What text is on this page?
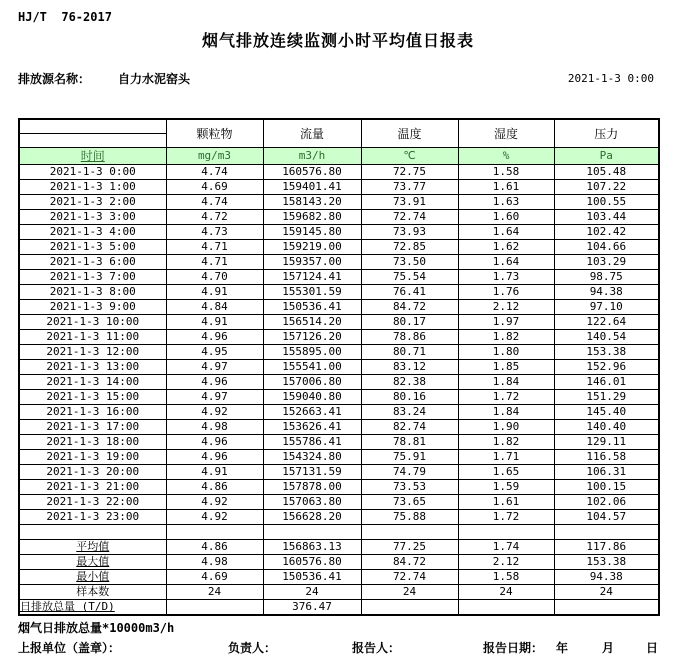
HJ/T  76-2017
烟气排放连续监测小时平均值日报表
排放源名称： 自力水泥窑头	2021-1-3 0:00
	颗粒物	流量	温度	湿度	压力

时间	mg/m3	m3/h	℃	%	Pa
2021-1-3 0:00	4.74	160576.80	72.75	1.58	105.48
2021-1-3 1:00	4.69	159401.41	73.77	1.61	107.22
2021-1-3 2:00	4.74	158143.20	73.91	1.63	100.55
2021-1-3 3:00	4.72	159682.80	72.74	1.60	103.44
2021-1-3 4:00	4.73	159145.80	73.93	1.64	102.42
2021-1-3 5:00	4.71	159219.00	72.85	1.62	104.66
2021-1-3 6:00	4.71	159357.00	73.50	1.64	103.29
2021-1-3 7:00	4.70	157124.41	75.54	1.73	98.75
2021-1-3 8:00	4.91	155301.59	76.41	1.76	94.38
2021-1-3 9:00	4.84	150536.41	84.72	2.12	97.10
2021-1-3 10:00	4.91	156514.20	80.17	1.97	122.64
2021-1-3 11:00	4.96	157126.20	78.86	1.82	140.54
2021-1-3 12:00	4.95	155895.00	80.71	1.80	153.38
2021-1-3 13:00	4.97	155541.00	83.12	1.85	152.96
2021-1-3 14:00	4.96	157006.80	82.38	1.84	146.01
2021-1-3 15:00	4.97	159040.80	80.16	1.72	151.29
2021-1-3 16:00	4.92	152663.41	83.24	1.84	145.40
2021-1-3 17:00	4.98	153626.41	82.74	1.90	140.40
2021-1-3 18:00	4.96	155786.41	78.81	1.82	129.11
2021-1-3 19:00	4.96	154324.80	75.91	1.71	116.58
2021-1-3 20:00	4.91	157131.59	74.79	1.65	106.31
2021-1-3 21:00	4.86	157878.00	73.53	1.59	100.15
2021-1-3 22:00	4.92	157063.80	73.65	1.61	102.06
2021-1-3 23:00	4.92	156628.20	75.88	1.72	104.57

平均值	4.86	156863.13	77.25	1.74	117.86
最大值	4.98	160576.80	84.72	2.12	153.38
最小值	4.69	150536.41	72.74	1.58	94.38
样本数	24	24	24	24	24
日排放总量 (T/D)		376.47			
烟气日排放总量*10000m3/h
上报单位（盖章）：	负责人：	报告人：	报告日期： 年	月	日
